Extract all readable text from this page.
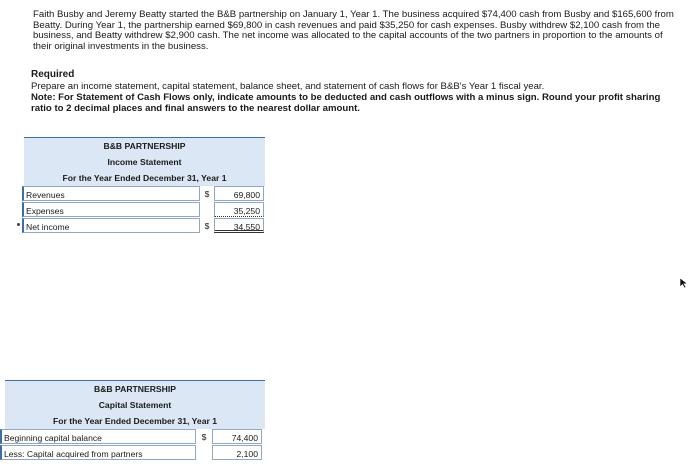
Faith Busby and Jeremy Beatty started the B&B partnership on January 1, Year 1. The business acquired $74,400 cash from Busby and $165,600 from Beatty. During Year 1, the partnership earned $69,800 in cash revenues and paid $35,250 for cash expenses. Busby withdrew $2,100 cash from the business, and Beatty withdrew $2,900 cash. The net income was allocated to the capital accounts of the two partners in proportion to the amounts of their original investments in the business.
Required
Prepare an income statement, capital statement, balance sheet, and statement of cash flows for B&B's Year 1 fiscal year.
Note: For Statement of Cash Flows only, indicate amounts to be deducted and cash outflows with a minus sign. Round your profit sharing ratio to 2 decimal places and final answers to the nearest dollar amount.
B&B PARTNERSHIP
Income Statement
For the Year Ended December 31, Year 1
Revenues	$	69,800
Expenses	35,250
Net income	$	34,550
B&B PARTNERSHIP
Capital Statement
For the Year Ended December 31, Year 1
Beginning capital balance	$	74,400
Less: Capital acquired from partners	2,100
